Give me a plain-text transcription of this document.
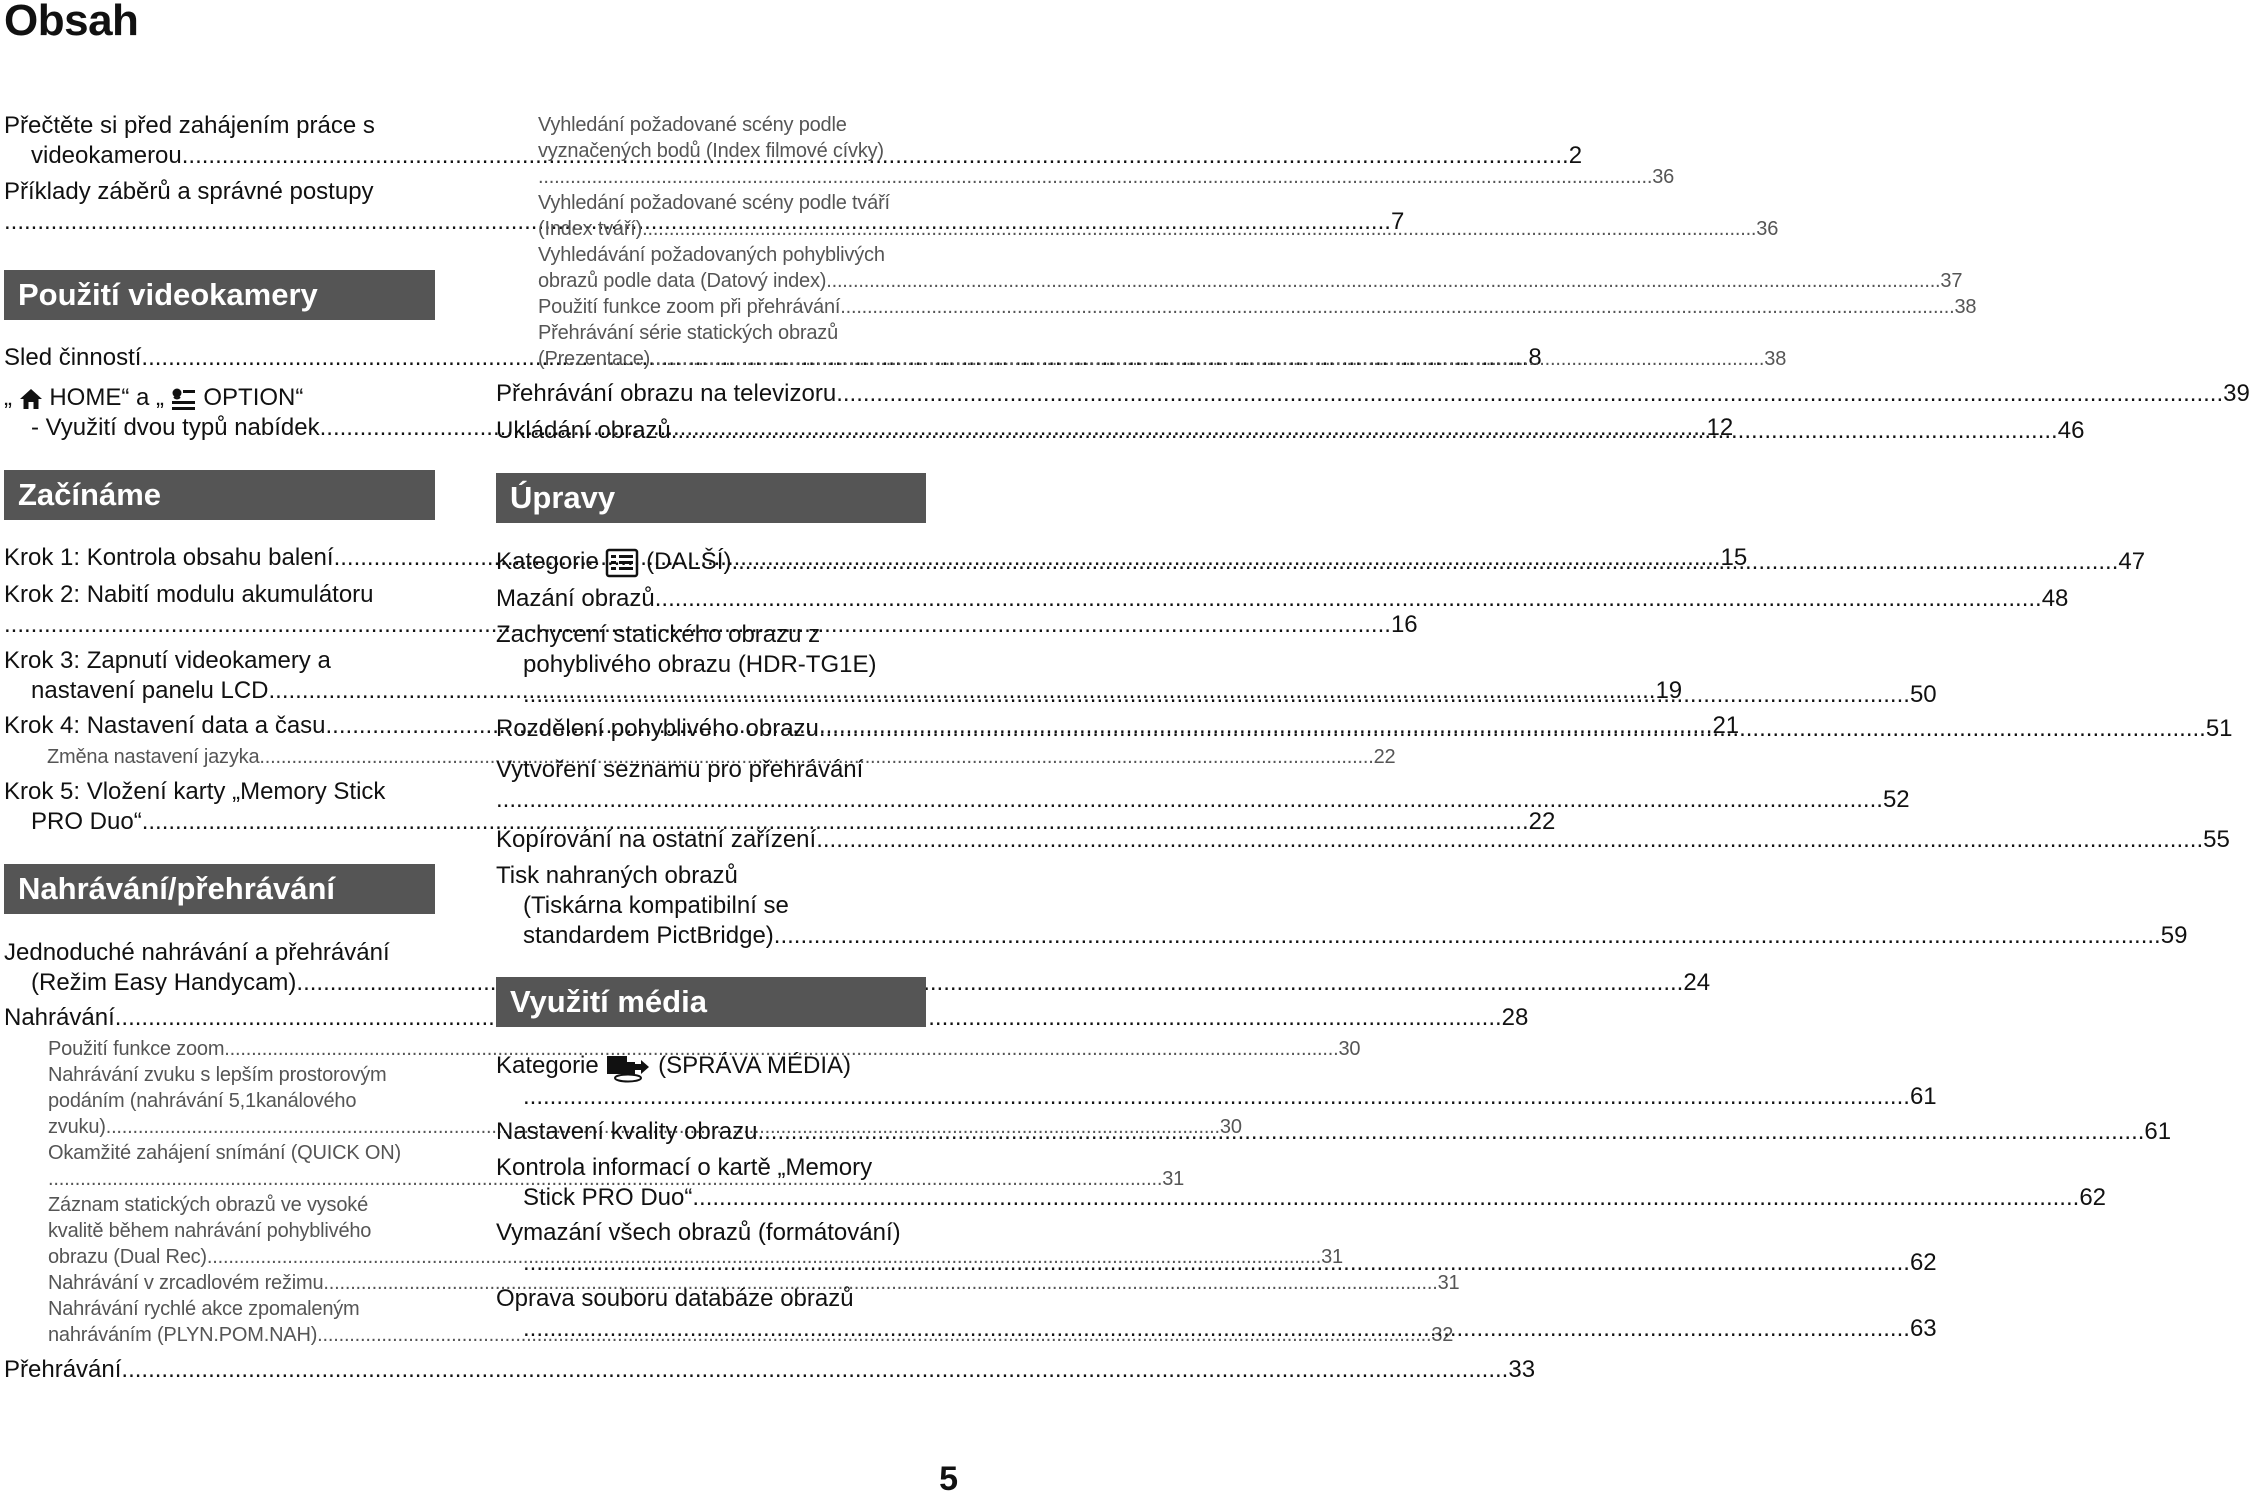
Obsah
Přečtěte si před zahájením práce s
videokamerou .....	2
Příklady záběrů a správné postupy
.....7
Použití videokamery
Sled činností .....	8
„ HOME“ a „ OPTION“
- Využití dvou typů nabídek .....	12
Začínáme
Krok 1: Kontrola obsahu balení .....	15
Krok 2: Nabití modulu akumulátoru
.....16
Krok 3: Zapnutí videokamery a
nastavení panelu LCD .....	19
Krok 4: Nastavení data a času .....	21
Změna nastavení jazyka .....	22
Krok 5: Vložení karty „Memory Stick
PRO Duo“ .....	22
Nahrávání/přehrávání
Jednoduché nahrávání a přehrávání
(Režim Easy Handycam) .....	24
Nahrávání .....	28
Použití funkce zoom .....	30
Nahrávání zvuku s lepším prostorovým
podáním (nahrávání 5,1kanálového
zvuku) .....	30
Okamžité zahájení snímání (QUICK ON)
.....31
Záznam statických obrazů ve vysoké
kvalitě během nahrávání pohyblivého
obrazu (Dual Rec) .....	31
Nahrávání v zrcadlovém režimu .....	31
Nahrávání rychlé akce zpomaleným
nahráváním (PLYN.POM.NAH) .....	32
Přehrávání .....	33
Vyhledání požadované scény podle
vyznačených bodů (Index filmové cívky)
.....36
Vyhledání požadované scény podle tváří
(Index tváří) .....	36
Vyhledávání požadovaných pohyblivých
obrazů podle data (Datový index) .....	37
Použití funkce zoom při přehrávání .....	38
Přehrávání série statických obrazů
(Prezentace) .....	38
Přehrávání obrazu na televizoru .....	39
Ukládání obrazů .....	46
Úpravy
Kategorie (DALŠÍ) .....	47
Mazání obrazů .....	48
Zachycení statického obrazu z
pohyblivého obrazu (HDR-TG1E)
.....50
Rozdělení pohyblivého obrazu .....	51
Vytvoření seznamu pro přehrávání
.....52
Kopírování na ostatní zařízení .....	55
Tisk nahraných obrazů
(Tiskárna kompatibilní se
standardem PictBridge) .....	59
Využití média
Kategorie (SPRÁVA MÉDIA)
.....61
Nastavení kvality obrazu .....	61
Kontrola informací o kartě „Memory
Stick PRO Duo“ .....	62
Vymazání všech obrazů (formátování)
.....62
Oprava souboru databáze obrazů
.....63
5
